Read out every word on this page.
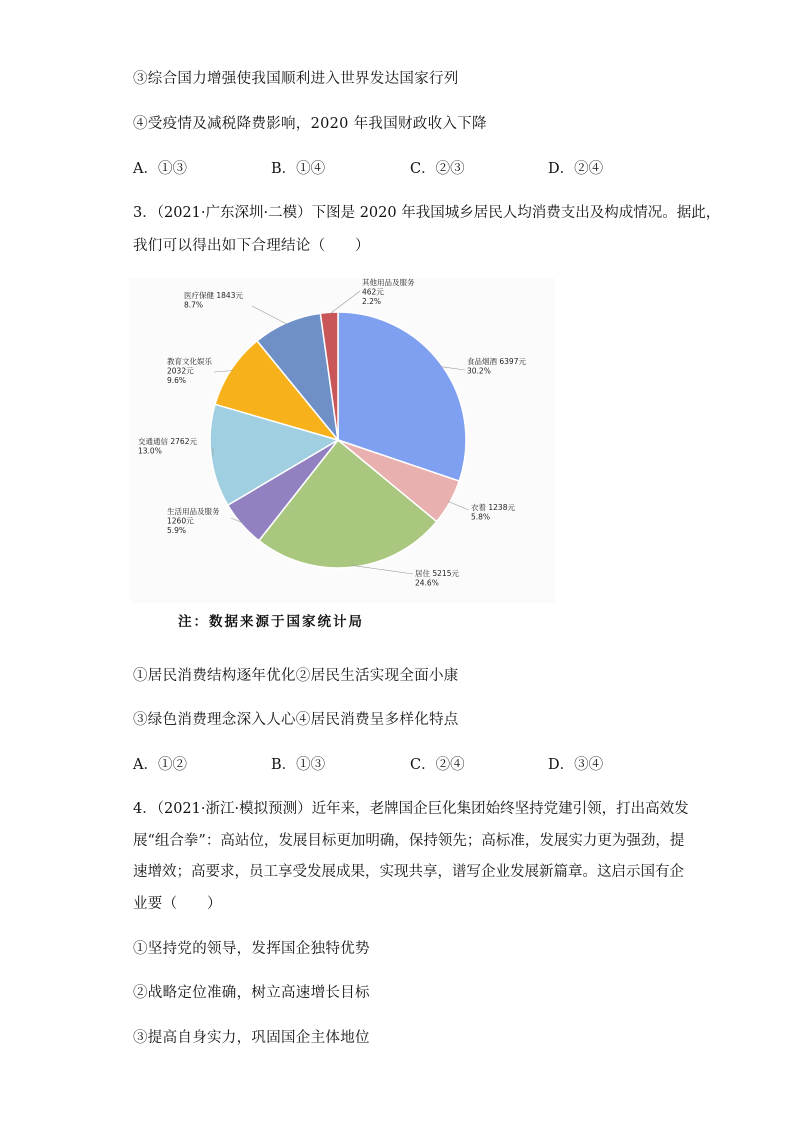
③综合国力增强使我国顺利进入世界发达国家行列
④受疫情及减税降费影响，2020 年我国财政收入下降
A．①③	B．①④	C．②③	D．②④
3．（2021·广东深圳·二模）下图是 2020 年我国城乡居民人均消费支出及构成情况。据此，
我们可以得出如下合理结论（　　）
食品烟酒 6397元 30.2%
衣着 1238元 5.8%
居住 5215元 24.6%
生活用品及服务 1260元 5.9%
交通通信 2762元 13.0%
教育文化娱乐 2032元 9.6%
医疗保健 1843元 8.7%
其他用品及服务 462元 2.2%
注：数据来源于国家统计局
①居民消费结构逐年优化②居民生活实现全面小康
③绿色消费理念深入人心④居民消费呈多样化特点
A．①②	B．①③	C．②④	D．③④
4．（2021·浙江·模拟预测）近年来，老牌国企巨化集团始终坚持党建引领，打出高效发
展“组合拳”：高站位，发展目标更加明确，保持领先；高标准，发展实力更为强劲，提
速增效；高要求，员工享受发展成果，实现共享，谱写企业发展新篇章。这启示国有企
业要（　　）
①坚持党的领导，发挥国企独特优势
②战略定位准确，树立高速增长目标
③提高自身实力，巩固国企主体地位
